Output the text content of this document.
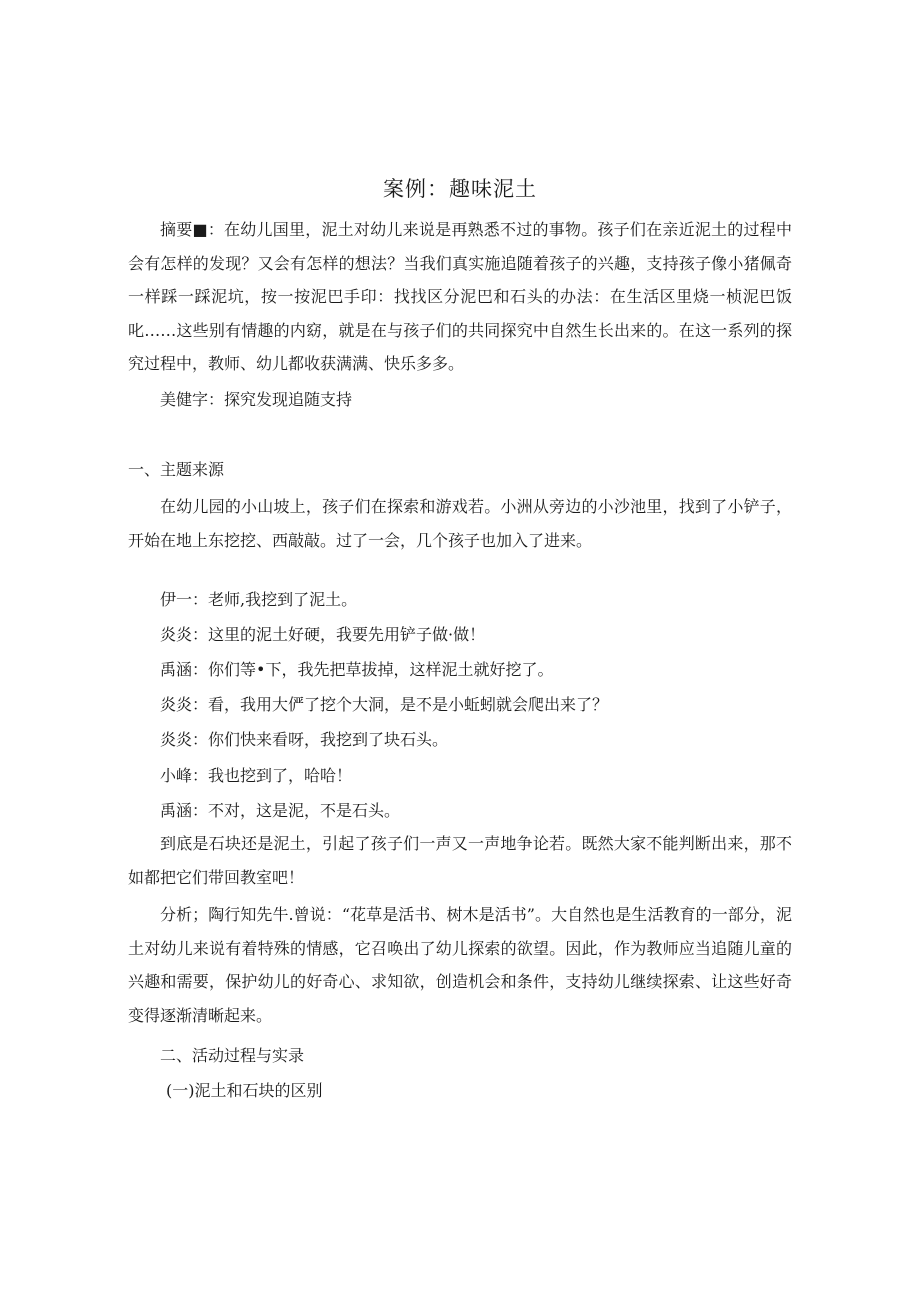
案例：趣味泥土

摘要■：在幼儿国里，泥土对幼儿来说是再熟悉不过的事物。孩子们在亲近泥土的过程中会有怎样的发现？又会有怎样的想法？当我们真实施追随着孩子的兴趣，支持孩子像小猪佩奇一样踩一踩泥坑，按一按泥巴手印：找找区分泥巴和石头的办法：在生活区里烧一桢泥巴饭叱……这些别有情趣的内窈，就是在与孩子们的共同探究中自然生长出来的。在这一系列的探究过程中，教师、幼儿都收获满满、快乐多多。

美健字：探究发现追随支持

一、主题来源

在幼儿园的小山坡上，孩子们在探索和游戏若。小洲从旁边的小沙池里，找到了小铲子，开始在地上东挖挖、西敲敲。过了一会，几个孩子也加入了进来。

伊一：老师,我挖到了泥土。

炎炎：这里的泥土好硬，我要先用铲子做·做！

禹涵：你们等•下，我先把草拔掉，这样泥土就好挖了。

炎炎：看，我用大俨了挖个大洞，是不是小蚯蚓就会爬出来了？

炎炎：你们快来看呀，我挖到了块石头。

小峰：我也挖到了，哈哈！

禹涵：不对，这是泥，不是石头。

到底是石块还是泥土，引起了孩子们一声又一声地争论若。既然大家不能判断出来，那不如都把它们带回教室吧！

分析；陶行知先牛.曾说：“花草是活书、树木是活书”。大自然也是生活教育的一部分，泥土对幼儿来说有着特殊的情感，它召唤出了幼儿探索的欲望。因此，作为教师应当追随儿童的兴趣和需要，保护幼儿的好奇心、求知欲，创造机会和条件，支持幼儿继续探索、让这些好奇变得逐渐清晰起来。

二、活动过程与实录

(一)泥土和石块的区别
